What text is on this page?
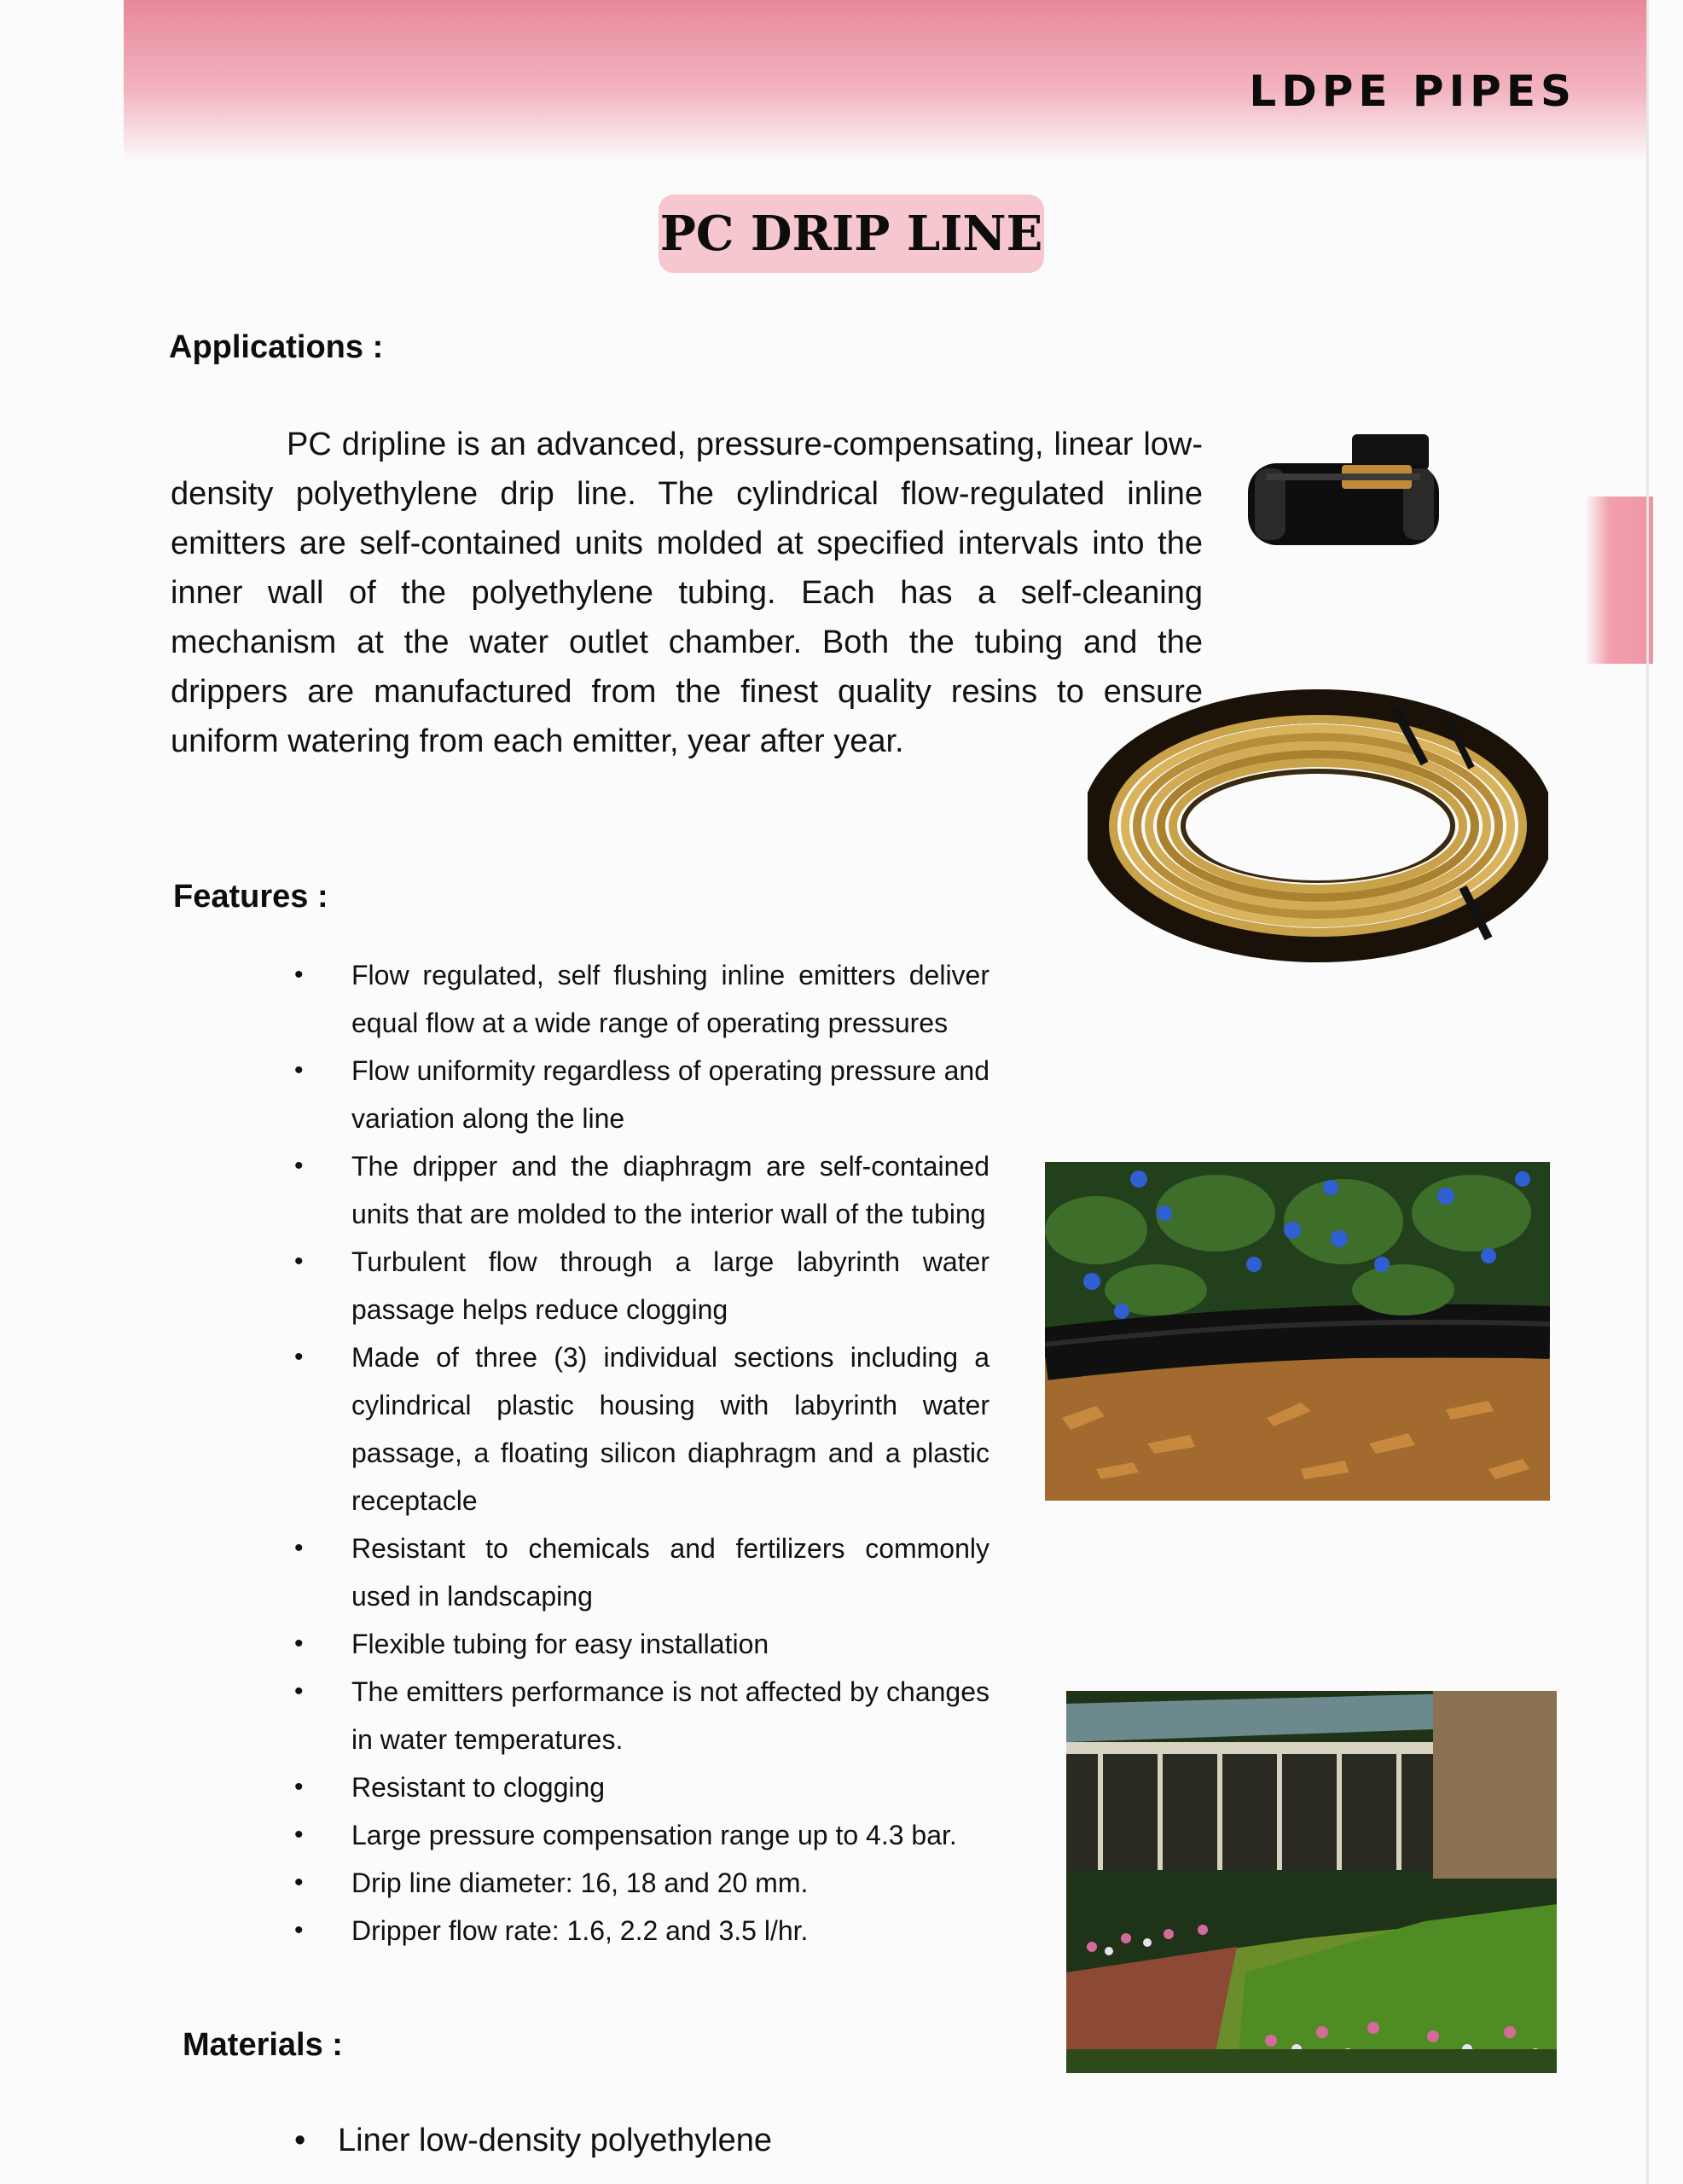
LDPE PIPES
PC DRIP LINE
Applications :
PC dripline is an advanced, pressure-compensating, linear low-density polyethylene drip line. The cylindrical flow-regulated inline emitters are self-contained units molded at specified intervals into the inner wall of the polyethylene tubing. Each has a self-cleaning mechanism at the water outlet chamber. Both the tubing and the drippers are manufactured from the finest quality resins to ensure uniform watering from each emitter, year after year.
Features :
• Flow regulated, self flushing inline emitters deliver equal flow at a wide range of operating pressures
• Flow uniformity regardless of operating pressure and variation along the line
• The dripper and the diaphragm are self-contained units that are molded to the interior wall of the tubing
• Turbulent flow through a large labyrinth water passage helps reduce clogging
• Made of three (3) individual sections including a cylindrical plastic housing with labyrinth water passage, a floating silicon diaphragm and a plastic receptacle
• Resistant to chemicals and fertilizers commonly used in landscaping
• Flexible tubing for easy installation
• The emitters performance is not affected by changes in water temperatures.
• Resistant to clogging
• Large pressure compensation range up to 4.3 bar.
• Drip line diameter: 16, 18 and 20 mm.
• Dripper flow rate: 1.6, 2.2 and 3.5 l/hr.
Materials :
• Liner low-density polyethylene
